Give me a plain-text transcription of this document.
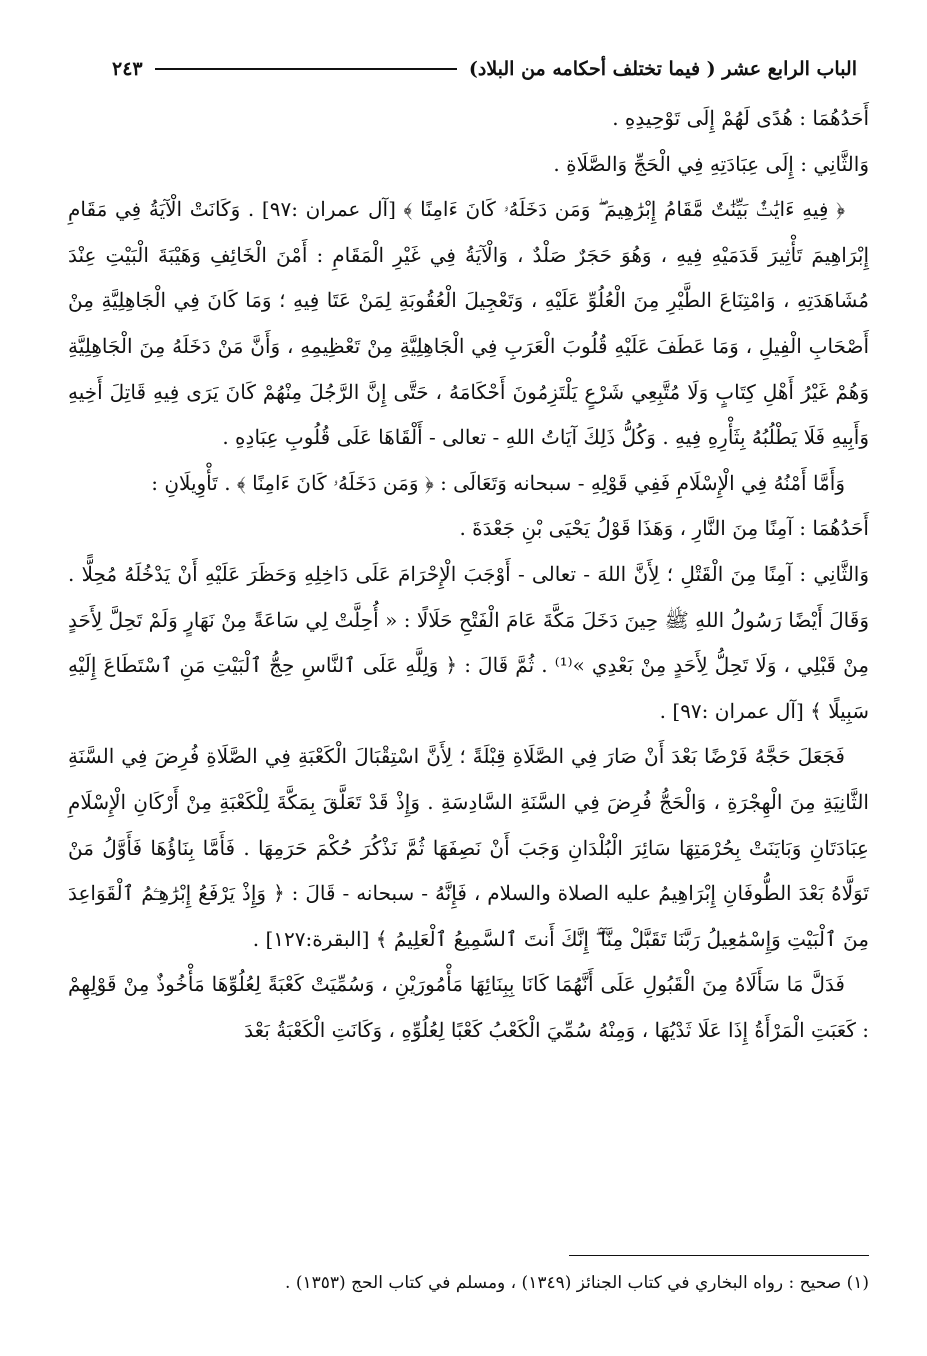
الباب الرابع عشر ( فيما تختلف أحكامه من البلاد)
٢٤٣

أَحَدُهُمَا : هُدًى لَهُمْ إِلَى تَوْحِيدِهِ .

وَالثَّانِي : إِلَى عِبَادَتِهِ فِي الْحَجِّ وَالصَّلَاةِ .

﴿ فِيهِ ءَايَٰتٌۢ بَيِّنَٰتٌ مَّقَامُ إِبْرَٰهِيمَ ۖ وَمَن دَخَلَهُۥ كَانَ ءَامِنًا ﴾ [آل عمران :٩٧] . وَكَانَتْ الْآيَةُ فِي مَقَامِ إِبْرَاهِيمَ تَأْثِيرَ قَدَمَيْهِ فِيهِ ، وَهُوَ حَجَرٌ صَلْدٌ ، وَالْآيَةُ فِي غَيْرِ الْمَقَامِ : أَمْنَ الْخَائِفِ وَهَيْبَةَ الْبَيْتِ عِنْدَ مُشَاهَدَتِهِ ، وَامْتِنَاعَ الطَّيْرِ مِنَ الْعُلُوِّ عَلَيْهِ ، وَتَعْجِيلَ الْعُقُوبَةِ لِمَنْ عَتَا فِيهِ ؛ وَمَا كَانَ فِي الْجَاهِلِيَّةِ مِنْ أَصْحَابِ الْفِيلِ ، وَمَا عَطَفَ عَلَيْهِ قُلُوبَ الْعَرَبِ فِي الْجَاهِلِيَّةِ مِنْ تَعْظِيمِهِ ، وَأَنَّ مَنْ دَخَلَهُ مِنَ الْجَاهِلِيَّةِ وَهُمْ غَيْرُ أَهْلِ كِتَابٍ وَلَا مُتَّبِعِي شَرْعٍ يَلْتَزِمُونَ أَحْكَامَهُ ، حَتَّى إِنَّ الرَّجُلَ مِنْهُمْ كَانَ يَرَى فِيهِ قَاتِلَ أَخِيهِ وَأَبِيهِ فَلَا يَطْلُبُهُ بِثَأْرِهِ فِيهِ . وَكُلُّ ذَلِكَ آيَاتُ اللهِ - تعالى - أَلْقَاهَا عَلَى قُلُوبِ عِبَادِهِ .

وَأَمَّا أَمْنُهُ فِي الْإِسْلَامِ فَفِي قَوْلِهِ - سبحانه وَتَعَالَى : ﴿ وَمَن دَخَلَهُۥ كَانَ ءَامِنًا ﴾ . تَأْوِيلَانِ :

أَحَدُهُمَا : آمِنًا مِنَ النَّارِ ، وَهَذَا قَوْلُ يَحْيَى بْنِ جَعْدَةَ .

وَالثَّانِي : آمِنًا مِنَ الْقَتْلِ ؛ لِأَنَّ اللهَ - تعالى - أَوْجَبَ الْإِحْرَامَ عَلَى دَاخِلِهِ وَحَظَرَ عَلَيْهِ أَنْ يَدْخُلَهُ مُحِلًّا . وَقَالَ أَيْضًا رَسُولُ اللهِ ﷺ حِينَ دَخَلَ مَكَّةَ عَامَ الْفَتْحِ حَلَالًا : « أُحِلَّتْ لِي سَاعَةً مِنْ نَهَارٍ وَلَمْ تَحِلَّ لِأَحَدٍ مِنْ قَبْلِي ، وَلَا تَحِلُّ لِأَحَدٍ مِنْ بَعْدِي »⁽¹⁾ . ثُمَّ قَالَ : ﴿ وَلِلَّهِ عَلَى ٱلنَّاسِ حِجُّ ٱلْبَيْتِ مَنِ ٱسْتَطَاعَ إِلَيْهِ سَبِيلًا ﴾ [آل عمران :٩٧] .

فَجَعَلَ حَجَّهُ فَرْضًا بَعْدَ أَنْ صَارَ فِي الصَّلَاةِ قِبْلَةً ؛ لِأَنَّ اسْتِقْبَالَ الْكَعْبَةِ فِي الصَّلَاةِ فُرِضَ فِي السَّنَةِ الثَّانِيَةِ مِنَ الْهِجْرَةِ ، وَالْحَجُّ فُرِضَ فِي السَّنَةِ السَّادِسَةِ . وَإِذْ قَدْ تَعَلَّقَ بِمَكَّةَ لِلْكَعْبَةِ مِنْ أَرْكَانِ الْإِسْلَامِ عِبَادَتَانِ وَبَايَنَتْ بِحُرْمَتِهَا سَائِرَ الْبُلْدَانِ وَجَبَ أَنْ نَصِفَهَا ثُمَّ نَذْكُرَ حُكْمَ حَرَمِهَا . فَأَمَّا بِنَاؤُهَا فَأَوَّلُ مَنْ تَوَلَّاهُ بَعْدَ الطُّوفَانِ إِبْرَاهِيمُ عليه الصلاة والسلام ، فَإِنَّهُ - سبحانه - قَالَ : ﴿ وَإِذْ يَرْفَعُ إِبْرَٰهِـۧمُ ٱلْقَوَاعِدَ مِنَ ٱلْبَيْتِ وَإِسْمَٰعِيلُ رَبَّنَا تَقَبَّلْ مِنَّآ ۖ إِنَّكَ أَنتَ ٱلسَّمِيعُ ٱلْعَلِيمُ ﴾ [البقرة:١٢٧] .

فَدَلَّ مَا سَأَلَاهُ مِنَ الْقَبُولِ عَلَى أَنَّهُمَا كَانَا بِبِنَائِهَا مَأْمُورَيْنِ ، وَسُمِّيَتْ كَعْبَةً لِعُلُوِّهَا مَأْخُوذٌ مِنْ قَوْلِهِمْ : كَعَبَتِ الْمَرْأَةُ إِذَا عَلَا ثَدْيُهَا ، وَمِنْهُ سُمِّيَ الْكَعْبُ كَعْبًا لِعُلُوِّهِ ، وَكَانَتِ الْكَعْبَةُ بَعْدَ

(١) صحيح : رواه البخاري في كتاب الجنائز (١٣٤٩) ، ومسلم في كتاب الحج (١٣٥٣) .
